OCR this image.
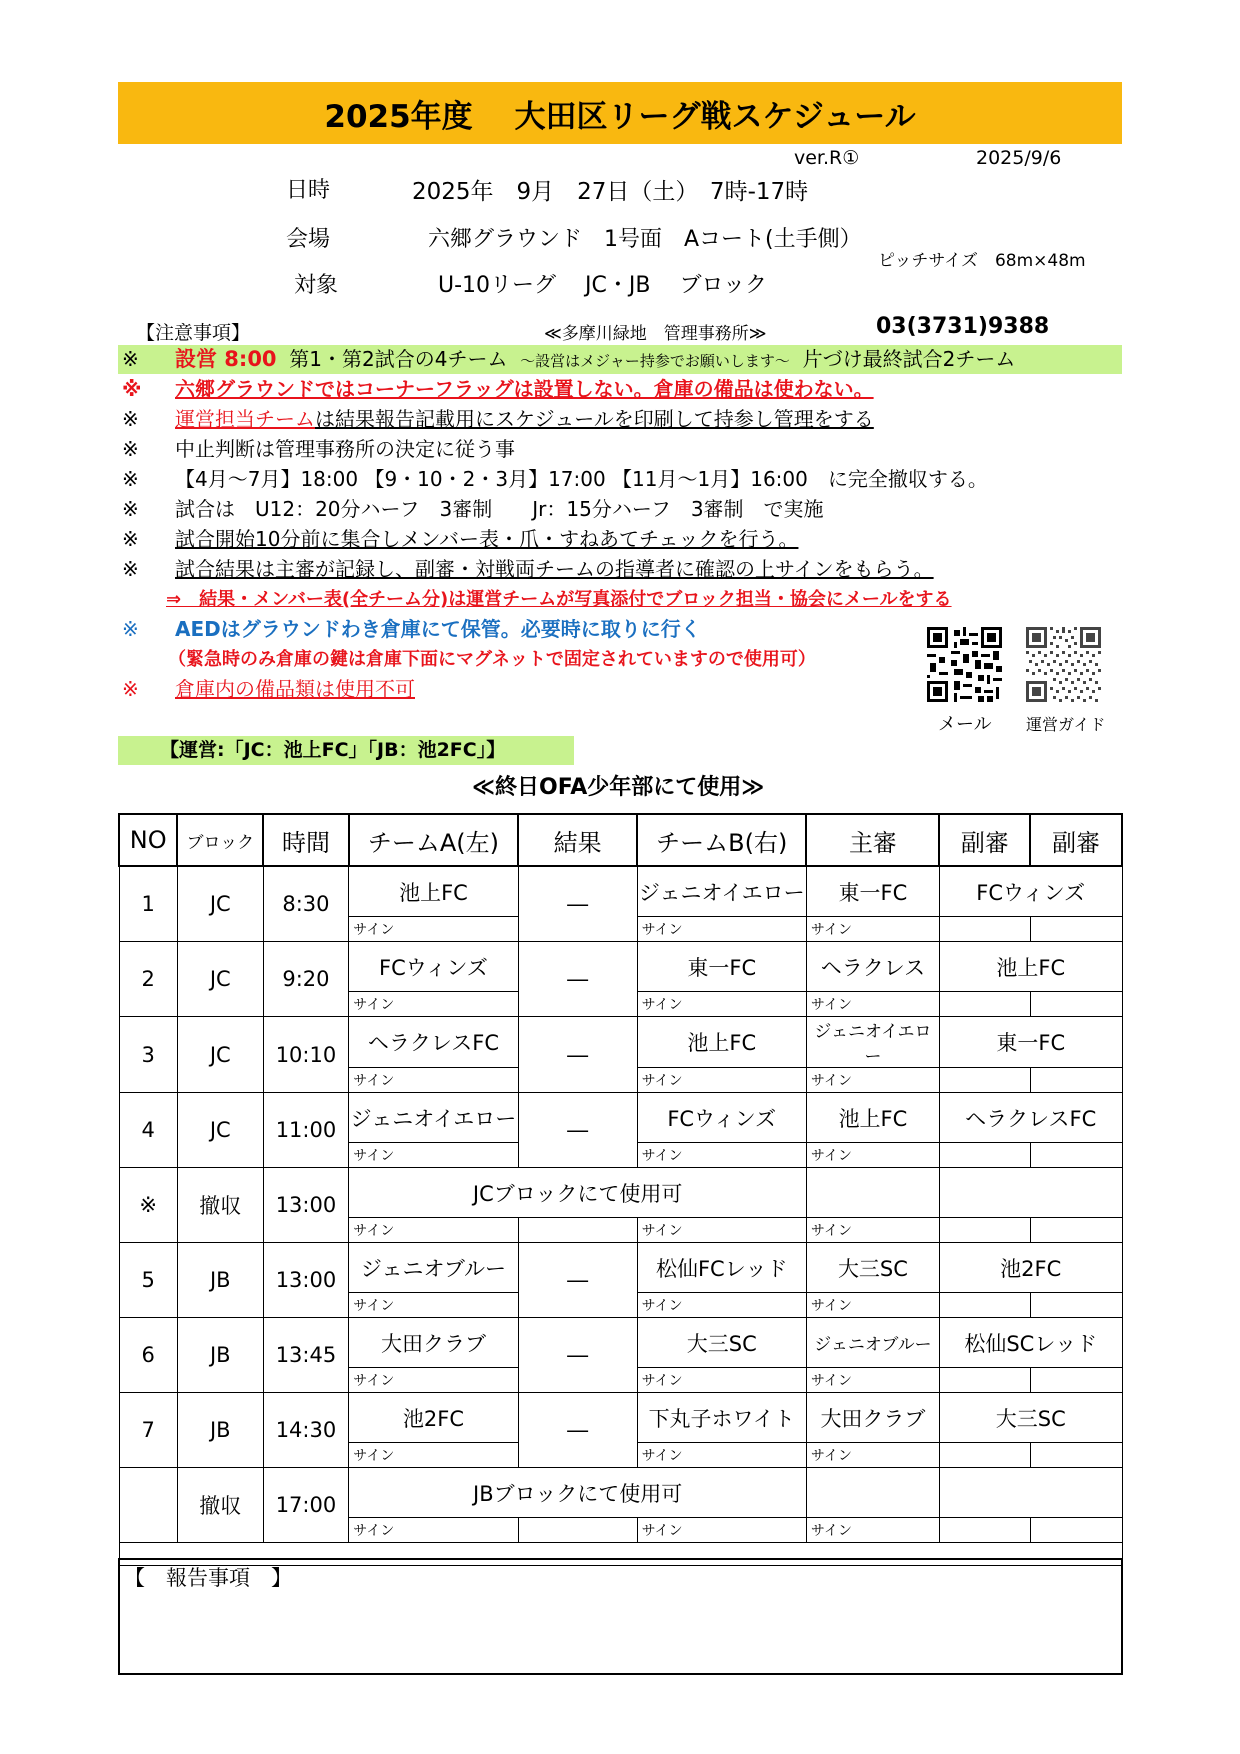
2025年度　 大田区リーグ戦スケジュール
ver.R①	2025/9/6
日時	2025年　9月　27日（土）　7時-17時
会場	六郷グラウンド　1号面　Aコート(土手側）
対象	U-10リーグ　 JC・JB　 ブロック
ピッチサイズ　68m×48m
【注意事項】	≪多摩川緑地　管理事務所≫	03(3731)9388
※ 設営 8:00 第1・第2試合の4チーム ～設営はメジャー持参でお願いします～ 片づけ最終試合2チーム
※ 六郷グラウンドではコーナーフラッグは設置しない。倉庫の備品は使わない。
※ 運営担当チームは結果報告記載用にスケジュールを印刷して持参し管理をする
※ 中止判断は管理事務所の決定に従う事
※ 【4月～7月】18:00 【9・10・2・3月】17:00 【11月～1月】16:00　に完全撤収する。
※ 試合は　U12：20分ハーフ　3審制　　Jr：15分ハーフ　3審制　で実施
※ 試合開始10分前に集合しメンバー表・爪・すねあてチェックを行う。
※ 試合結果は主審が記録し、副審・対戦両チームの指導者に確認の上サインをもらう。
⇒　結果・メンバー表(全チーム分)は運営チームが写真添付でブロック担当・協会にメールをする
※ AEDはグラウンドわき倉庫にて保管。必要時に取りに行く
（緊急時のみ倉庫の鍵は倉庫下面にマグネットで固定されていますので使用可）
※ 倉庫内の備品類は使用不可
メール 運営ガイド
【運営:「JC：池上FC」「JB：池2FC」】
≪終日OFA少年部にて使用≫
NO	ブロック	時間	チームA(左)	結果	チームB(右)	主審	副審	副審
1	JC	8:30	池上FC	―	ジェニオイエロー	東一FC	FCウィンズ	
			サイン		サイン	サイン		
2	JC	9:20	FCウィンズ	―	東一FC	ヘラクレス	池上FC	
			サイン		サイン	サイン		
3	JC	10:10	ヘラクレスFC	―	池上FC	ジェニオイエロー	東一FC	
			サイン		サイン	サイン		
4	JC	11:00	ジェニオイエロー	―	FCウィンズ	池上FC	ヘラクレスFC	
			サイン		サイン	サイン		
※	撤収	13:00	JCブロックにて使用可					
			サイン		サイン	サイン		
5	JB	13:00	ジェニオブルー	―	松仙FCレッド	大三SC	池2FC	
			サイン		サイン	サイン		
6	JB	13:45	大田クラブ	―	大三SC	ジェニオブルー	松仙SCレッド	
			サイン		サイン	サイン		
7	JB	14:30	池2FC	―	下丸子ホワイト	大田クラブ	大三SC	
			サイン		サイン	サイン		
	撤収	17:00	JBブロックにて使用可					
			サイン		サイン	サイン		

【　報告事項　】
